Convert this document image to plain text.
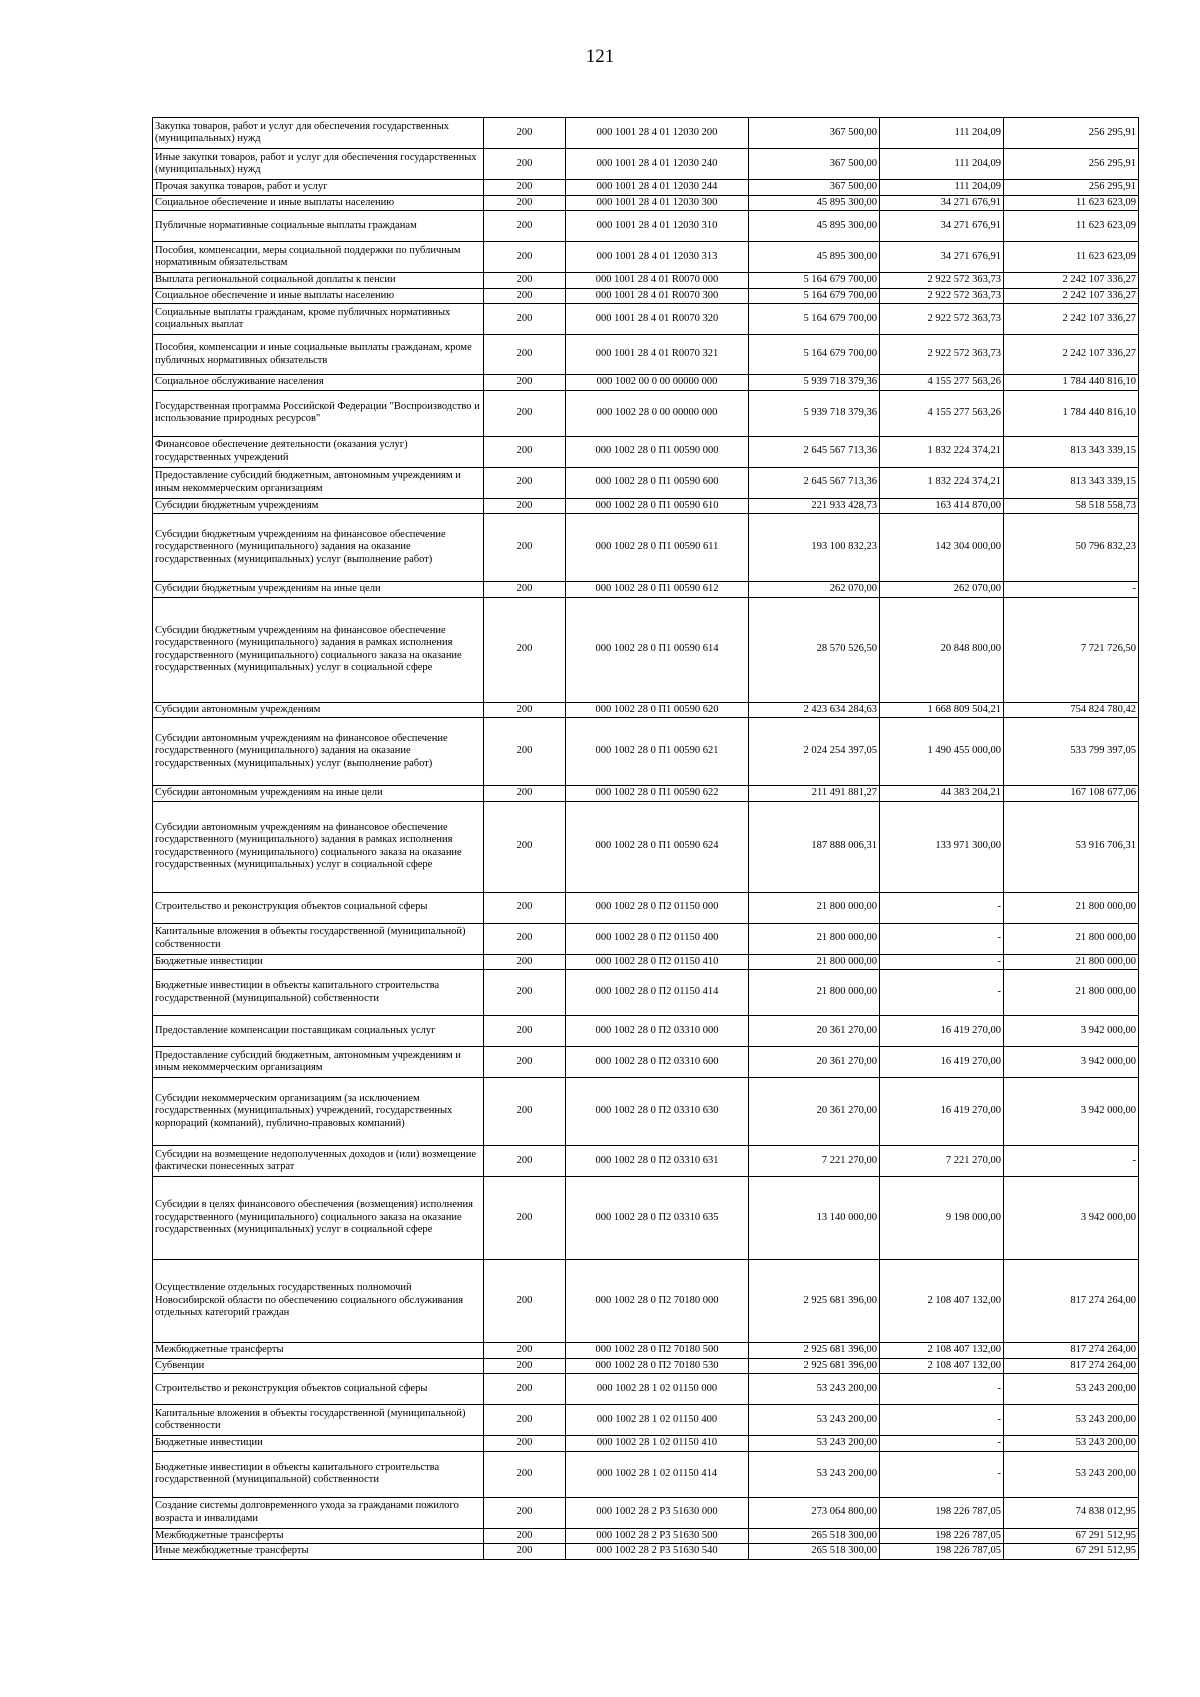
121
Закупка товаров, работ и услуг для обеспечения государственных (муниципальных) нужд	200	000 1001 28 4 01 12030 200	367 500,00	111 204,09	256 295,91
Иные закупки товаров, работ и услуг для обеспечения государственных (муниципальных) нужд	200	000 1001 28 4 01 12030 240	367 500,00	111 204,09	256 295,91
Прочая закупка товаров, работ и услуг	200	000 1001 28 4 01 12030 244	367 500,00	111 204,09	256 295,91
Социальное обеспечение и иные выплаты населению	200	000 1001 28 4 01 12030 300	45 895 300,00	34 271 676,91	11 623 623,09
Публичные нормативные социальные выплаты гражданам	200	000 1001 28 4 01 12030 310	45 895 300,00	34 271 676,91	11 623 623,09
Пособия, компенсации, меры социальной поддержки по публичным нормативным обязательствам	200	000 1001 28 4 01 12030 313	45 895 300,00	34 271 676,91	11 623 623,09
Выплата региональной социальной доплаты к пенсии	200	000 1001 28 4 01 R0070 000	5 164 679 700,00	2 922 572 363,73	2 242 107 336,27
Социальное обеспечение и иные выплаты населению	200	000 1001 28 4 01 R0070 300	5 164 679 700,00	2 922 572 363,73	2 242 107 336,27
Социальные выплаты гражданам, кроме публичных нормативных социальных выплат	200	000 1001 28 4 01 R0070 320	5 164 679 700,00	2 922 572 363,73	2 242 107 336,27
Пособия, компенсации и иные социальные выплаты гражданам, кроме публичных нормативных обязательств	200	000 1001 28 4 01 R0070 321	5 164 679 700,00	2 922 572 363,73	2 242 107 336,27
Социальное обслуживание населения	200	000 1002 00 0 00 00000 000	5 939 718 379,36	4 155 277 563,26	1 784 440 816,10
Государственная программа Российской Федерации "Воспроизводство и использование природных ресурсов"	200	000 1002 28 0 00 00000 000	5 939 718 379,36	4 155 277 563,26	1 784 440 816,10
Финансовое обеспечение деятельности (оказания услуг) государственных учреждений	200	000 1002 28 0 П1 00590 000	2 645 567 713,36	1 832 224 374,21	813 343 339,15
Предоставление субсидий бюджетным, автономным учреждениям и иным некоммерческим организациям	200	000 1002 28 0 П1 00590 600	2 645 567 713,36	1 832 224 374,21	813 343 339,15
Субсидии бюджетным учреждениям	200	000 1002 28 0 П1 00590 610	221 933 428,73	163 414 870,00	58 518 558,73
Субсидии бюджетным учреждениям на финансовое обеспечение государственного (муниципального) задания на оказание государственных (муниципальных) услуг (выполнение работ)	200	000 1002 28 0 П1 00590 611	193 100 832,23	142 304 000,00	50 796 832,23
Субсидии бюджетным учреждениям на иные цели	200	000 1002 28 0 П1 00590 612	262 070,00	262 070,00	-
Субсидии бюджетным учреждениям на финансовое обеспечение государственного (муниципального) задания в рамках исполнения государственного (муниципального) социального заказа на оказание государственных (муниципальных) услуг в социальной сфере	200	000 1002 28 0 П1 00590 614	28 570 526,50	20 848 800,00	7 721 726,50
Субсидии автономным учреждениям	200	000 1002 28 0 П1 00590 620	2 423 634 284,63	1 668 809 504,21	754 824 780,42
Субсидии автономным учреждениям на финансовое обеспечение государственного (муниципального) задания на оказание государственных (муниципальных) услуг (выполнение работ)	200	000 1002 28 0 П1 00590 621	2 024 254 397,05	1 490 455 000,00	533 799 397,05
Субсидии автономным учреждениям на иные цели	200	000 1002 28 0 П1 00590 622	211 491 881,27	44 383 204,21	167 108 677,06
Субсидии автономным учреждениям на финансовое обеспечение государственного (муниципального) задания в рамках исполнения государственного (муниципального) социального заказа на оказание государственных (муниципальных) услуг в социальной сфере	200	000 1002 28 0 П1 00590 624	187 888 006,31	133 971 300,00	53 916 706,31
Строительство и реконструкция объектов социальной сферы	200	000 1002 28 0 П2 01150 000	21 800 000,00	-	21 800 000,00
Капитальные вложения в объекты государственной (муниципальной) собственности	200	000 1002 28 0 П2 01150 400	21 800 000,00	-	21 800 000,00
Бюджетные инвестиции	200	000 1002 28 0 П2 01150 410	21 800 000,00	-	21 800 000,00
Бюджетные инвестиции в объекты капитального строительства государственной (муниципальной) собственности	200	000 1002 28 0 П2 01150 414	21 800 000,00	-	21 800 000,00
Предоставление компенсации поставщикам социальных услуг	200	000 1002 28 0 П2 03310 000	20 361 270,00	16 419 270,00	3 942 000,00
Предоставление субсидий бюджетным, автономным учреждениям и иным некоммерческим организациям	200	000 1002 28 0 П2 03310 600	20 361 270,00	16 419 270,00	3 942 000,00
Субсидии некоммерческим организациям (за исключением государственных (муниципальных) учреждений, государственных корпораций (компаний), публично-правовых компаний)	200	000 1002 28 0 П2 03310 630	20 361 270,00	16 419 270,00	3 942 000,00
Субсидии на возмещение недополученных доходов и (или) возмещение фактически понесенных затрат	200	000 1002 28 0 П2 03310 631	7 221 270,00	7 221 270,00	-
Субсидии в целях финансового обеспечения (возмещения) исполнения государственного (муниципального) социального заказа на оказание государственных (муниципальных) услуг в социальной сфере	200	000 1002 28 0 П2 03310 635	13 140 000,00	9 198 000,00	3 942 000,00
Осуществление отдельных государственных полномочий Новосибирской области по обеспечению социального обслуживания отдельных категорий граждан	200	000 1002 28 0 П2 70180 000	2 925 681 396,00	2 108 407 132,00	817 274 264,00
Межбюджетные трансферты	200	000 1002 28 0 П2 70180 500	2 925 681 396,00	2 108 407 132,00	817 274 264,00
Субвенции	200	000 1002 28 0 П2 70180 530	2 925 681 396,00	2 108 407 132,00	817 274 264,00
Строительство и реконструкция объектов социальной сферы	200	000 1002 28 1 02 01150 000	53 243 200,00	-	53 243 200,00
Капитальные вложения в объекты государственной (муниципальной) собственности	200	000 1002 28 1 02 01150 400	53 243 200,00	-	53 243 200,00
Бюджетные инвестиции	200	000 1002 28 1 02 01150 410	53 243 200,00	-	53 243 200,00
Бюджетные инвестиции в объекты капитального строительства государственной (муниципальной) собственности	200	000 1002 28 1 02 01150 414	53 243 200,00	-	53 243 200,00
Создание системы долговременного ухода за гражданами пожилого возраста и инвалидами	200	000 1002 28 2 P3 51630 000	273 064 800,00	198 226 787,05	74 838 012,95
Межбюджетные трансферты	200	000 1002 28 2 P3 51630 500	265 518 300,00	198 226 787,05	67 291 512,95
Иные межбюджетные трансферты	200	000 1002 28 2 P3 51630 540	265 518 300,00	198 226 787,05	67 291 512,95
